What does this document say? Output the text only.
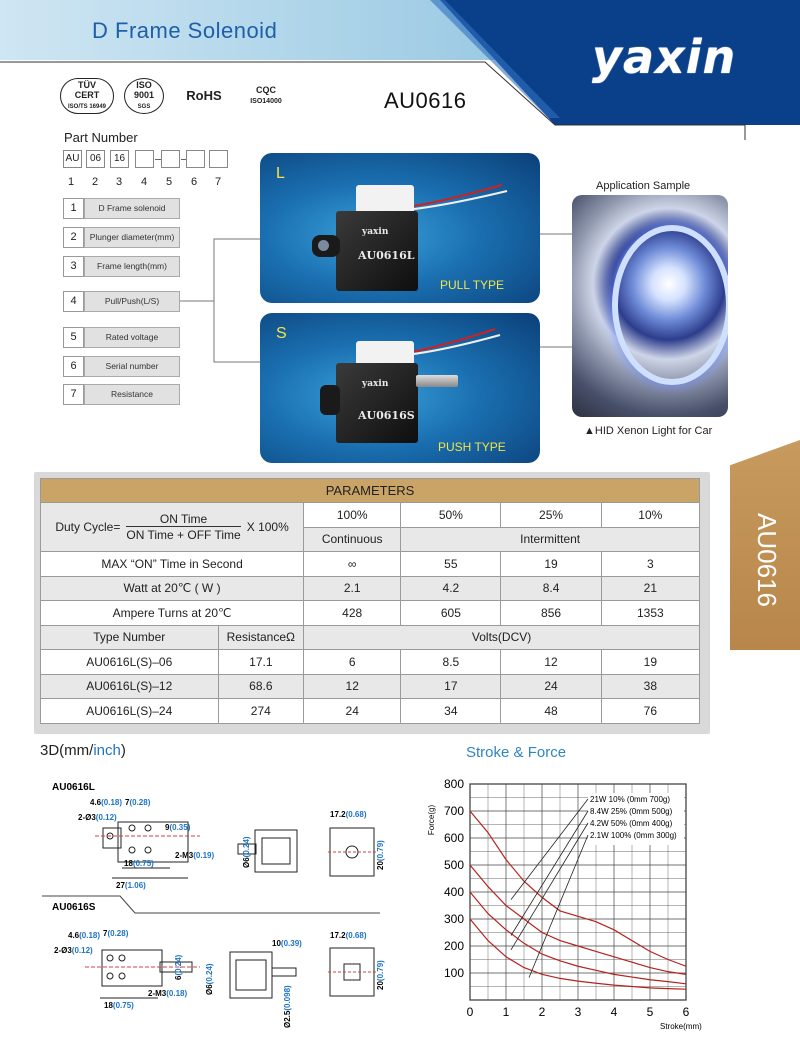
D Frame Solenoid	yaxin
TÜV
CERT
ISO/TS 16949
ISO
9001
SGS
RoHS	CQC
ISO14000	AU0616
Part Number
AU	06	16
1 2 3 4 5 6 7
1	D Frame solenoid
2	Plunger diameter(mm)
3	Frame length(mm)
4	Pull/Push(L/S)
5	Rated voltage
6	Serial number
7	Resistance
L
yaxin
AU0616L
PULL TYPE
S
yaxin
AU0616S
PUSH TYPE
Application Sample
▲HID Xenon Light for Car
AU0616
PARAMETERS					

Duty Cycle=
ON Time
ON Time + OFF Time
X 100%		100%	50%	25%	10%
		Continuous	Intermittent		
MAX “ON” Time in Second		∞	55	19	3
Watt at 20℃ ( W )		2.1	4.2	8.4	21
Ampere Turns at 20℃		428	605	856	1353
Type Number	ResistanceΩ	Volts(DCV)			
AU0616L(S)–06	17.1	6	8.5	12	19
AU0616L(S)–12	68.6	12	17	24	38
AU0616L(S)–24	274	24	34	48	76
3D(mm/inch)
AU0616L
4.6(0.18) 7(0.28)
2-Ø3(0.12)
9(0.35)
2-M3(0.19)
18(0.75)
27(1.06)
Ø6(0.24)
17.2(0.68)
20(0.79)
AU0616S
4.6(0.18) 7(0.28)
2-Ø3(0.12)
6(0.24)
2-M3(0.18)
18(0.75)
Ø6(0.24)
10(0.39)
Ø2.5(0.098)
17.2(0.68)
20(0.79)
Stroke & Force
0 1 2 3 4 5 6
100
200
300
400
500
600
700
800
21W 10% (0mm 700g)
8.4W 25% (0mm 500g)
4.2W 50% (0mm 400g)
2.1W 100% (0mm 300g)
Stroke(mm)
Force(g)
